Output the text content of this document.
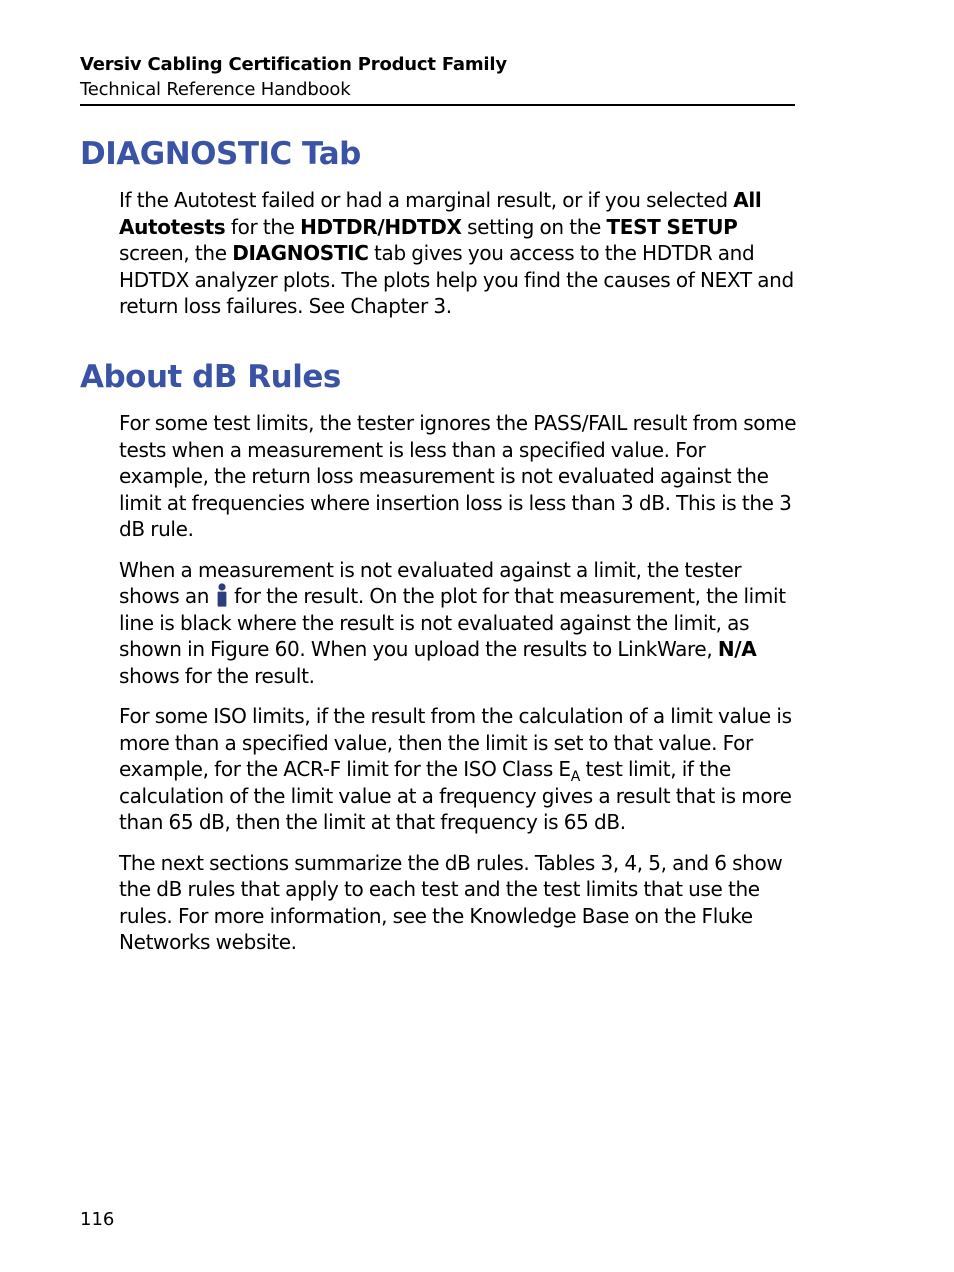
Versiv Cabling Certification Product Family
Technical Reference Handbook
DIAGNOSTIC Tab

If the Autotest failed or had a marginal result, or if you selected All Autotests for the HDTDR/HDTDX setting on the TEST SETUP screen, the DIAGNOSTIC tab gives you access to the HDTDR and HDTDX analyzer plots. The plots help you find the causes of NEXT and return loss failures. See Chapter 3.

About dB Rules

For some test limits, the tester ignores the PASS/FAIL result from some tests when a measurement is less than a specified value. For example, the return loss measurement is not evaluated against the limit at frequencies where insertion loss is less than 3 dB. This is the 3 dB rule.

When a measurement is not evaluated against a limit, the tester shows an
for the result. On the plot for that measurement, the limit line is black where the result is not evaluated against the limit, as shown in Figure 60. When you upload the results to LinkWare, N/A shows for the result.

For some ISO limits, if the result from the calculation of a limit value is more than a specified value, then the limit is set to that value. For example, for the ACR-F limit for the ISO Class $E_A$ test limit, if the calculation of the limit value at a frequency gives a result that is more than 65 dB, then the limit at that frequency is 65 dB.

The next sections summarize the dB rules. Tables 3, 4, 5, and 6 show the dB rules that apply to each test and the test limits that use the rules. For more information, see the Knowledge Base on the Fluke Networks website.

116
